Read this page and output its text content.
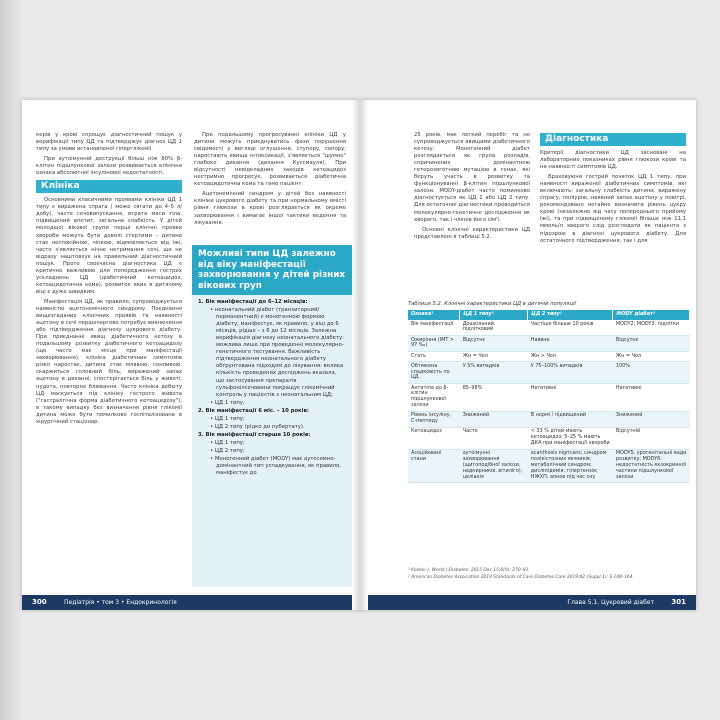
керів у крові спрощує діагностичний пошук у верифікації типу ЦД та підтверджує діагноз ЦД 1 типу за умови встановленої гіперглікемії.

При аутоімунній деструкції більш ніж 80% β-клітин підшлункової залози розвивається клінічна ознака абсолютної інсулінової недостатності.

Клініка

Основними класичними проявами клініки ЦД 1 типу є виражена спрага ( може сягати до 4–5 л/добу), часте сечовипускання, втрата маси тіла, підвищений апетит, загальна слабкість. У дітей молодшої вікової групи перші клінічні прояви хвороби можуть бути доволі стертими – дитина стає неспокійною, чіпкою, відмовляється від їжі, часто з'являється нічне нетримання сечі, що не відразу наштовхує на правильний діагностичний пошук. Проте своєчасна діагностика ЦД є критично важливою для попередження гострих ускладнень ЦД (діабетичний кетоацидоз, кетоацидотична кома), розвиток яких в дитячому віці є дуже швидким.

Маніфестація ЦД, як правило, супроводжується наявністю ацетонемічного синдрому. Поєднання вищезгаданих клінічних проявів та наявності ацетону в сечі першочергово потребує виключення або підтвердження діагнозу цукрового діабету. При приєднанні явищ діабетичного кетозу в подальшому розвитку діабетичного кетоацидозу (що часто має місце при маніфестації захворювання), клініка діабетичних симптомів різко наростає, дитина стає млявою, сонливою, скаржиться головний біль, виражений запах ацетону в диханні, спостерігається біль у животі, нудота, повторне блювання. Часто клініка дебюту ЦД маскується під клініку гострого живота ("гастралгічна форма діабетичного кетоацидозу"), в такому випадку без визначення рівня глікемії дитина може бути помилково госпіталізована в хірургічний стаціонар.

При подальшому прогресуванні клініки ЦД у дитини можуть приєднуватись фази порушення свідомості у вигляді оглушення, ступору, сопору; наростають явища інтоксикації, з'являється "шумне" глибоке дихання (дихання Куссмауля). При відсутності невідкладних заходів кетоацидоз нестримно прогресує, розвивається діабетична кетоацидотична кома та гине пацієнт.

Ацетонемічний синдром у дітей без наявності клініки цукрового діабету та при нормальному вмісті рівня глюкози в крові розглядається як окреме захворювання і вимагає іншої тактики ведення та лікування.

Можливі типи ЦД залежно від віку маніфестації захворювання у дітей різних вікових груп
1. Вік маніфестації до 6–12 місяців:
• неонатальний діабет (транзиторний/ перманентний) є моногенною формою діабету, маніфестує, як правило, у віці до 6 місяців, рідше – з 6 до 12 місяців. Залежна верифікація діагнозу неонатального діабету: можлива лише при проведенні молекулярно-генетичного тестування. Важливість підтвердження неонатального діабету обґрунтована підходом до лікування: велика кількість проведених досліджень вказала, що застосування препаратів сульфонілсечовини покращує глікемічний контроль у пацієнтів з неонатальним ЦД;
• ЦД 1 типу.
2. Вік маніфестації 6 міс. – 10 років:
• ЦД 1 типу;
• ЦД 2 типу (рідко до пубертату).
3. Вік маніфестації старше 10 років:
• ЦД 1 типу;
• ЦД 2 типу;
• Моногенний діабет (MODY) має аутосомно-домінантний тип успадкування, як правило, маніфестує до
300	Педіатрія • том 3 • Ендокринологія

25 років, має легкий перебіг та не супроводжується явищами діабетичного кетозу. Моногенний діабет розглядається як група розладів, спричинених домінантною гетерозиготною мутацією в генах, які беруть участь в розвитку та функціонуванні β-клітин підшлункової залози. MODY-діабет часто помилково діагностується як ЦД 1 або ЦД 2 типу. Для остаточної діагностики проводиться молекулярно-генетичне дослідження як хворого, так і членів його сім'ї.

Основні клінічні характеристики ЦД представлені в таблиці 5.2.

Діагностика

Критерії діагностики ЦД засновані на лабораторних показниках рівня глюкози крові та на наявності симптомів ЦД.

Враховуючи гострий початок ЦД 1 типу, при наявності вираженої діабетичних симптомів, які включають: загальну слабкість дитини, виражену спрагу, поліурію, наявний запах ацетону у повітрі, рекомендовано негайно визначити рівень цукру крові (незалежно від часу попереднього прийому їжі), та при підвищеному глікемії більше ніж 11,1 ммоль/л хворого слід розглядати як пацієнта з підозрою в діагнозі цукрового діабету. Для остаточного підтвердження, так і для

Глава 5.1. Цукровий діабет 301
Таблиця 5.2. Клінічні характеристики ЦД в дитячій популяції
Ознака¹	ЦД 1 типу²	ЦД 2 типу²	MODY діабет²
Вік маніфестації	Дошкільний, підлітковий	Частіше більше 10 років	MODY2; MODY3: підлітки
Ожиріння (ІМТ > 97 ‰)	Відсутнє	Наявне	Відсутнє
Стать	Жн = Чол	Жн > Чол	Жн = Чол
Обтяжена спадковість по ЦД	У 5% випадків	У 75–100% випадків	100%
Антитіла до β-клітин підшлункової залози	85–98%	Негативні	Негативні
Рівень інсуліну, С-пептиду	Знижений	В нормі / підвищений	Знижений
Кетоацидоз	Часто	< 33 % дітей мають кетоацидоз; 5–25 % мають ДКА при маніфестації хвороби	Відсутній
Асоційовані стани	аутоімунні захворювання (щитоподібної залози, наднирників, вітиліго); целіакія	acanthosis nigricans; синдром полікістозних яєчників; метаболічний синдром; дисліпідемія; гіпертензія; НЖХП; апное під час сну	MODY5: урогенітальні вади розвитку; MODY6: недостатність екзокринної частини підшлункової залози
¹ Kosher J, World J Diabetes. 2015 Dec 15;6(9): 270–81.
² American Diabetes Association 2019 Standards of Care Diabetes Care 2019;42 (Suppl 1): S 148–164.
